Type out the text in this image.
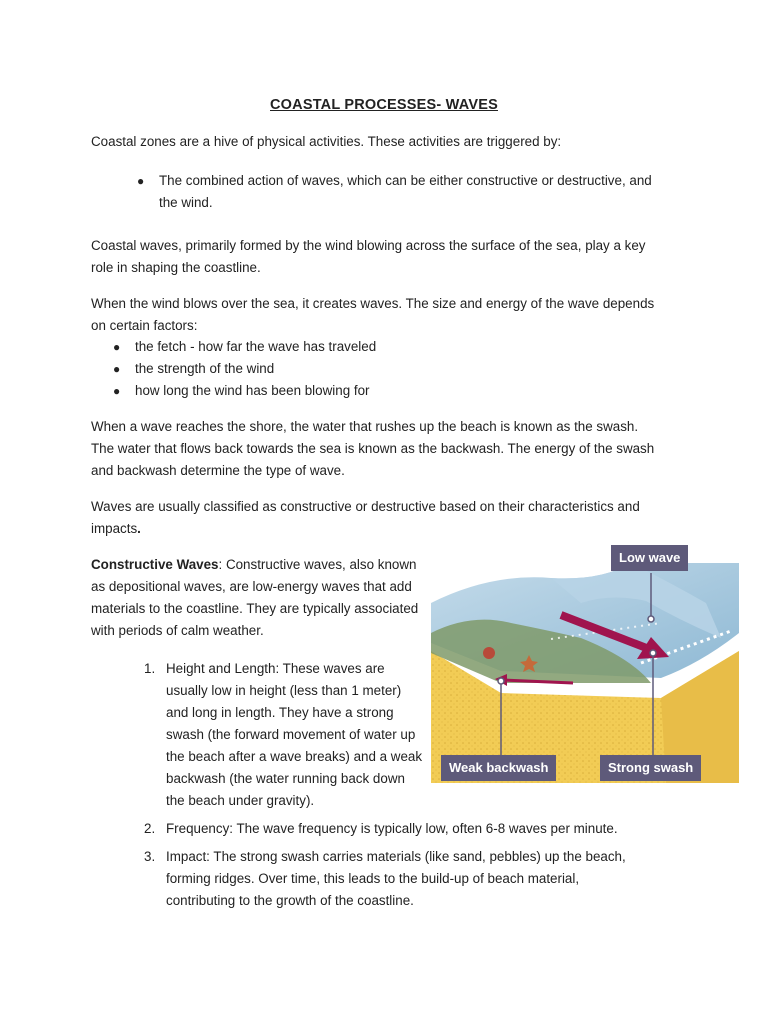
COASTAL PROCESSES- WAVES

Coastal zones are a hive of physical activities. These activities are triggered by:

● The combined action of waves, which can be either constructive or destructive, and
the wind.

Coastal waves, primarily formed by the wind blowing across the surface of the sea, play a key
role in shaping the coastline.

When the wind blows over the sea, it creates waves. The size and energy of the wave depends
on certain factors:

● the fetch - how far the wave has traveled
● the strength of the wind
● how long the wind has been blowing for

When a wave reaches the shore, the water that rushes up the beach is known as the swash.
The water that flows back towards the sea is known as the backwash. The energy of the swash
and backwash determine the type of wave.

Waves are usually classified as constructive or destructive based on their characteristics and
impacts.

Constructive Waves: Constructive waves, also known
as depositional waves, are low-energy waves that add
materials to the coastline. They are typically associated
with periods of calm weather.

1. Height and Length: These waves are
usually low in height (less than 1 meter)
and long in length. They have a strong
swash (the forward movement of water up
the beach after a wave breaks) and a weak
backwash (the water running back down
the beach under gravity).
2. Frequency: The wave frequency is typically low, often 6-8 waves per minute.
3. Impact: The strong swash carries materials (like sand, pebbles) up the beach,
forming ridges. Over time, this leads to the build-up of beach material,
contributing to the growth of the coastline.
Low wave
Weak backwash	Strong swash
